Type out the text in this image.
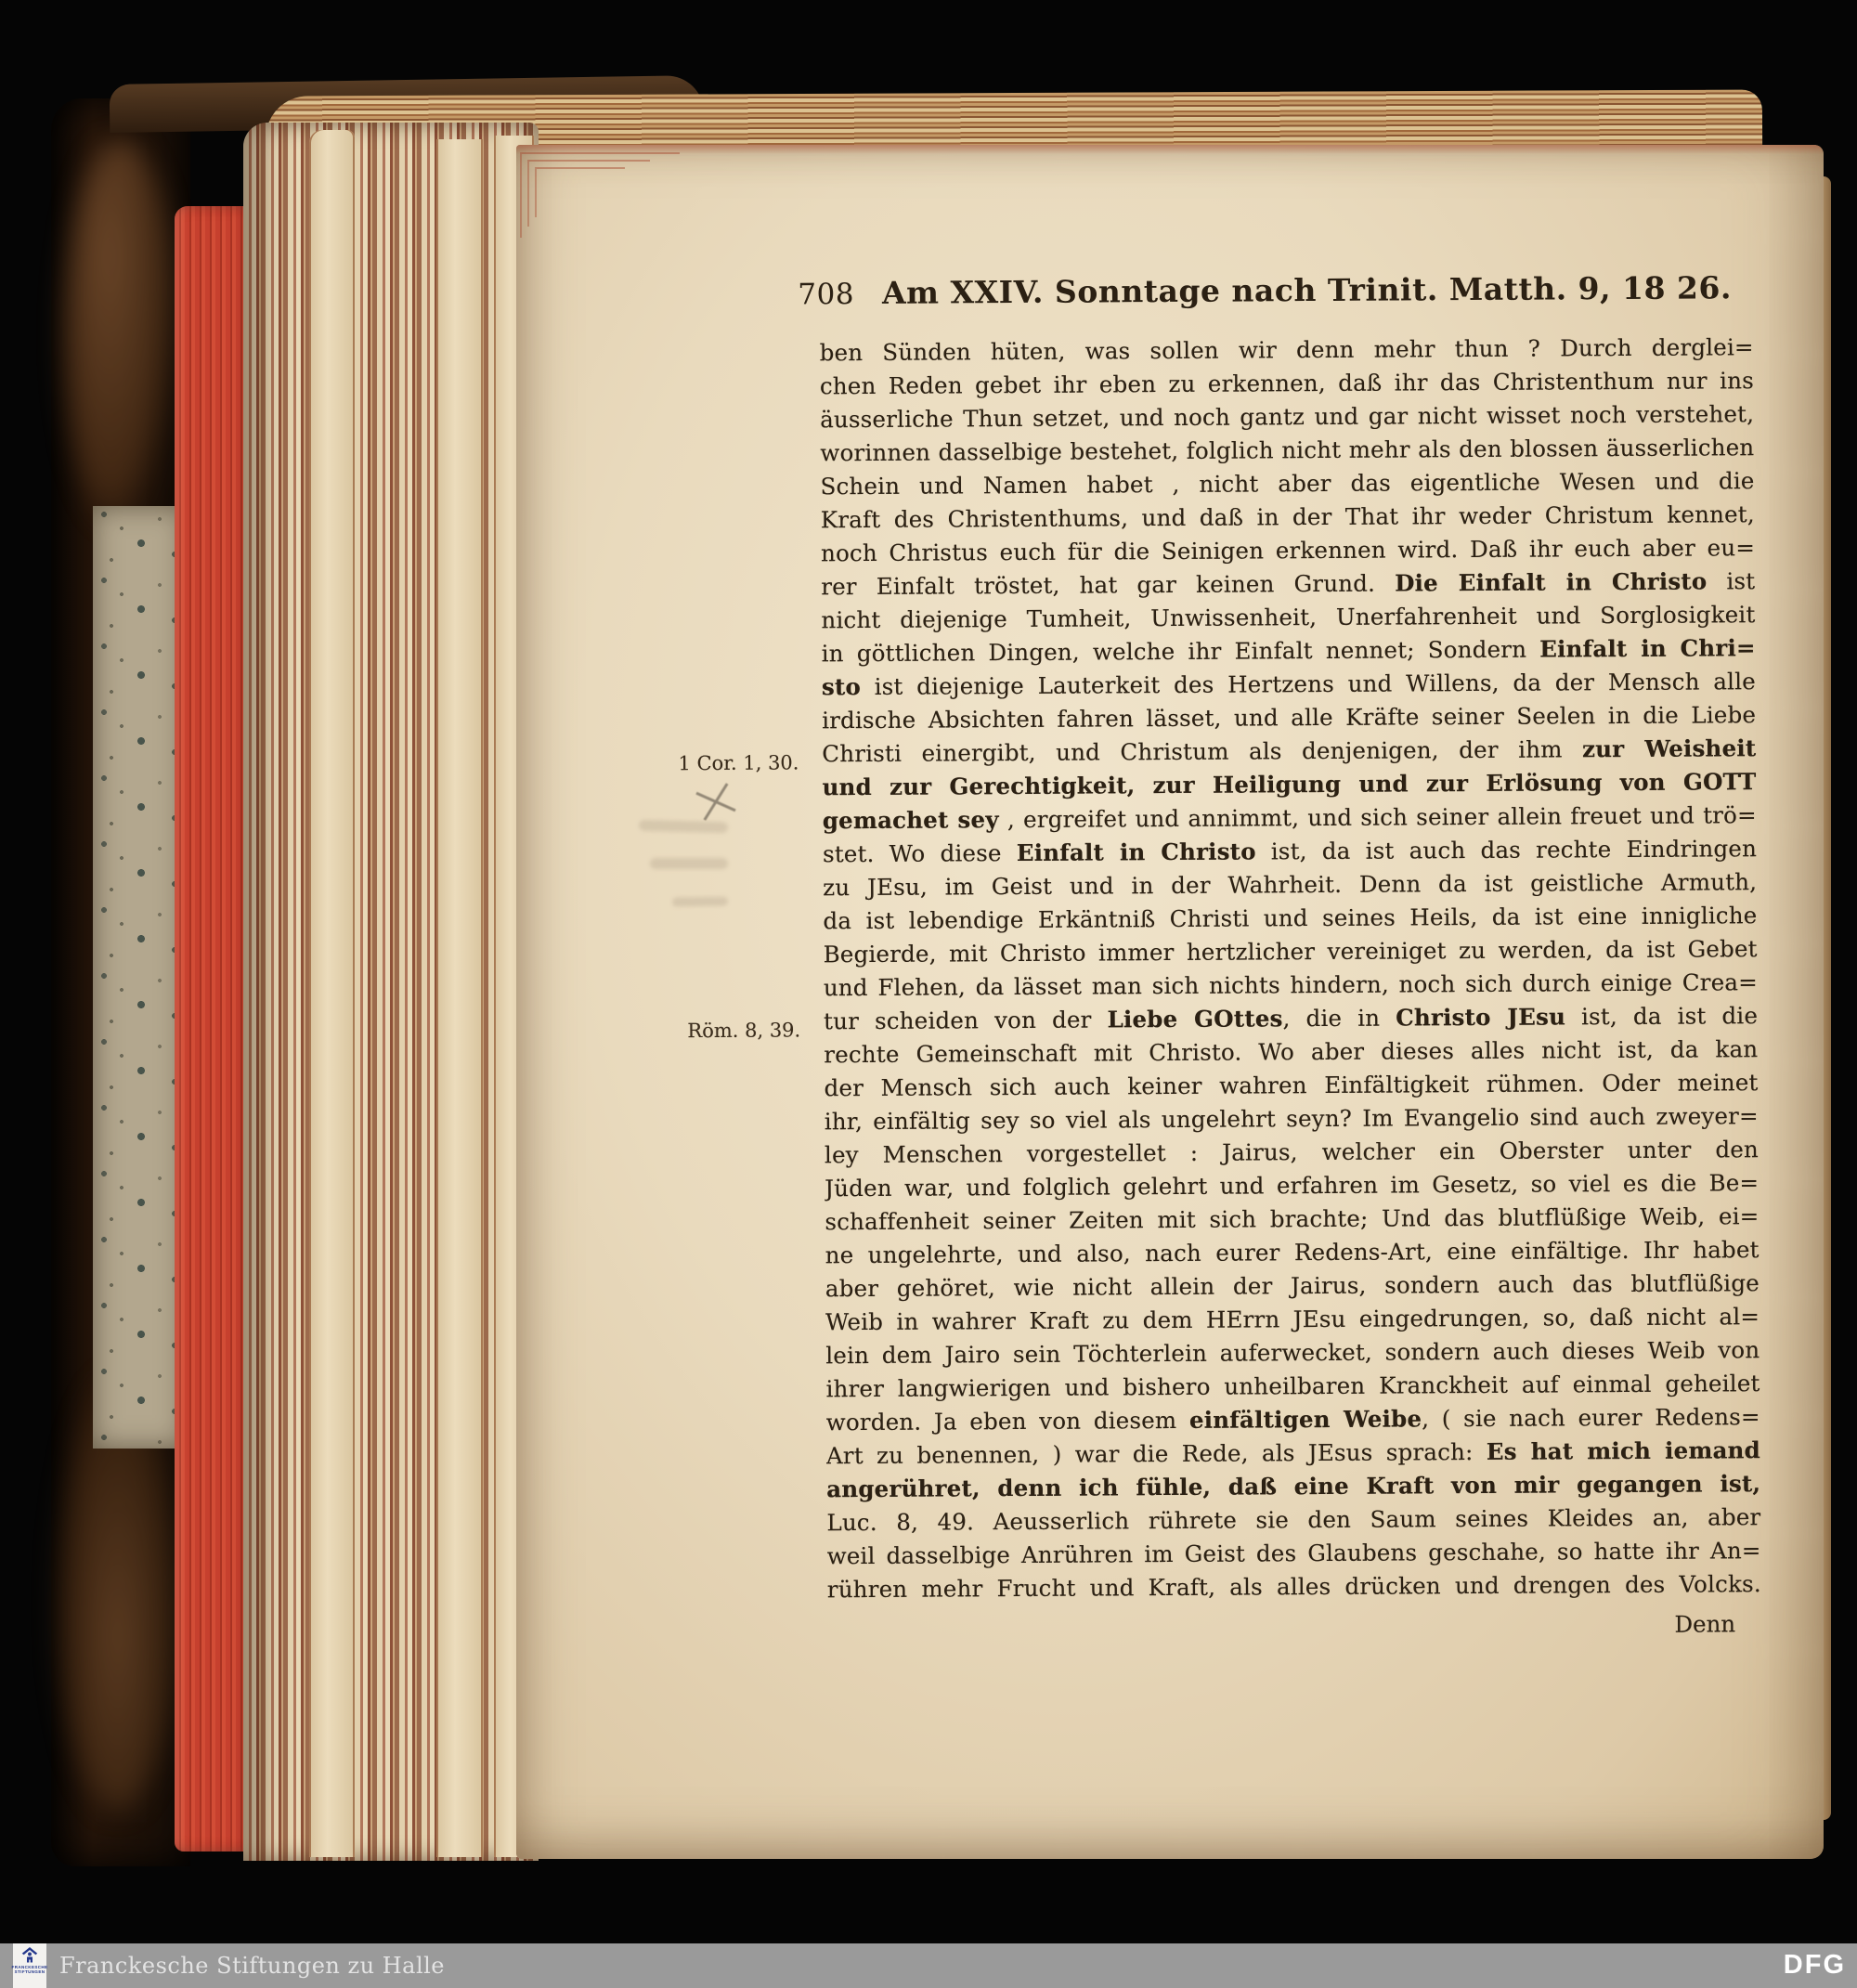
708 Am XXIV. Sonntage nach Trinit. Matth. 9, 18 26.
ben Sünden hüten, was sollen wir denn mehr thun ? Durch derglei=
chen Reden gebet ihr eben zu erkennen, daß ihr das Christenthum nur ins
äusserliche Thun setzet, und noch gantz und gar nicht wisset noch verstehet,
worinnen dasselbige bestehet, folglich nicht mehr als den blossen äusserlichen
Schein und Namen habet , nicht aber das eigentliche Wesen und die
Kraft des Christenthums, und daß in der That ihr weder Christum kennet,
noch Christus euch für die Seinigen erkennen wird. Daß ihr euch aber eu=
rer Einfalt tröstet, hat gar keinen Grund. Die Einfalt in Christo ist
nicht diejenige Tumheit, Unwissenheit, Unerfahrenheit und Sorglosigkeit
in göttlichen Dingen, welche ihr Einfalt nennet; Sondern Einfalt in Chri=
sto ist diejenige Lauterkeit des Hertzens und Willens, da der Mensch alle
irdische Absichten fahren lässet, und alle Kräfte seiner Seelen in die Liebe
Christi einergibt, und Christum als denjenigen, der ihm zur Weisheit
und zur Gerechtigkeit, zur Heiligung und zur Erlösung von GOTT
gemachet sey , ergreifet und annimmt, und sich seiner allein freuet und trö=
stet. Wo diese Einfalt in Christo ist, da ist auch das rechte Eindringen
zu JEsu, im Geist und in der Wahrheit. Denn da ist geistliche Armuth,
da ist lebendige Erkäntniß Christi und seines Heils, da ist eine innigliche
Begierde, mit Christo immer hertzlicher vereiniget zu werden, da ist Gebet
und Flehen, da lässet man sich nichts hindern, noch sich durch einige Crea=
tur scheiden von der Liebe GOttes, die in Christo JEsu ist, da ist die
rechte Gemeinschaft mit Christo. Wo aber dieses alles nicht ist, da kan
der Mensch sich auch keiner wahren Einfältigkeit rühmen. Oder meinet
ihr, einfältig sey so viel als ungelehrt seyn? Im Evangelio sind auch zweyer=
ley Menschen vorgestellet : Jairus, welcher ein Oberster unter den
Jüden war, und folglich gelehrt und erfahren im Gesetz, so viel es die Be=
schaffenheit seiner Zeiten mit sich brachte; Und das blutflüßige Weib, ei=
ne ungelehrte, und also, nach eurer Redens-Art, eine einfältige. Ihr habet
aber gehöret, wie nicht allein der Jairus, sondern auch das blutflüßige
Weib in wahrer Kraft zu dem HErrn JEsu eingedrungen, so, daß nicht al=
lein dem Jairo sein Töchterlein auferwecket, sondern auch dieses Weib von
ihrer langwierigen und bishero unheilbaren Kranckheit auf einmal geheilet
worden. Ja eben von diesem einfältigen Weibe, ( sie nach eurer Redens=
Art zu benennen, ) war die Rede, als JEsus sprach: Es hat mich iemand
angerühret, denn ich fühle, daß eine Kraft von mir gegangen ist,
Luc. 8, 49. Aeusserlich rührete sie den Saum seines Kleides an, aber
weil dasselbige Anrühren im Geist des Glaubens geschahe, so hatte ihr An=
rühren mehr Frucht und Kraft, als alles drücken und drengen des Volcks.
Denn
1 Cor. 1, 30.
Röm. 8, 39.
FRANCKESCHE
STIFTUNGEN Franckesche Stiftungen zu Halle	DFG
